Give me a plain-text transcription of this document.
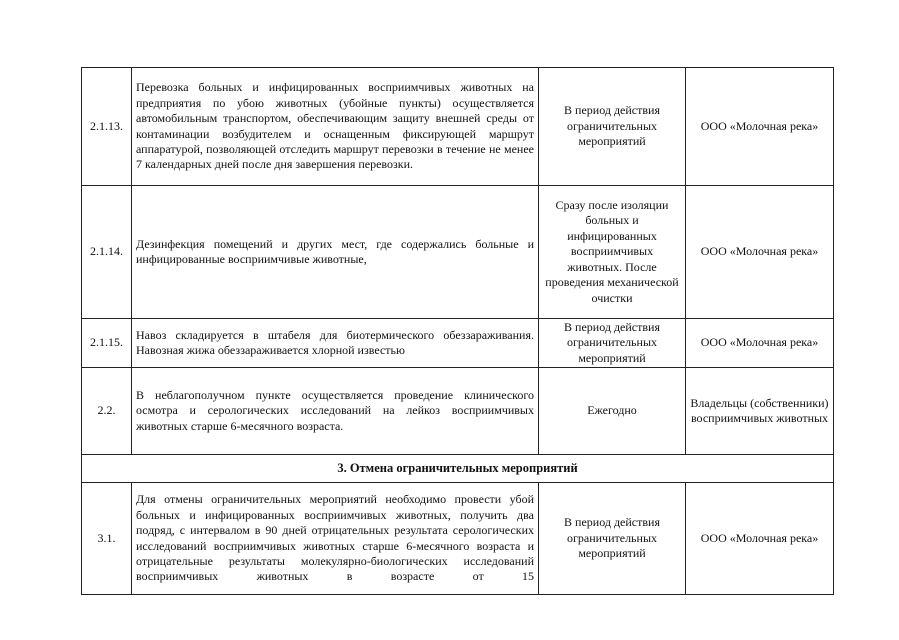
2.1.13.	Перевозка больных и инфицированных восприимчивых животных на предприятия по убою животных (убойные пункты) осуществляется автомобильным транспортом, обеспечивающим защиту внешней среды от контаминации возбудителем и оснащенным фиксирующей маршрут аппаратурой, позволяющей отследить маршрут перевозки в течение не менее 7 календарных дней после дня завершения перевозки.	В период действия ограничительных мероприятий	ООО «Молочная река»
2.1.14.	Дезинфекция помещений и других мест, где содержались больные и инфицированные восприимчивые животные,	Сразу после изоляции больных и инфицированных восприимчивых животных. После проведения механической очистки	ООО «Молочная река»
2.1.15.	Навоз складируется в штабеля для биотермического обеззараживания. Навозная жижа обеззараживается хлорной известью	В период действия ограничительных мероприятий	ООО «Молочная река»
2.2.	В неблагополучном пункте осуществляется проведение клинического осмотра и серологических исследований на лейкоз восприимчивых животных старше 6-месячного возраста.	Ежегодно	Владельцы (собственники) восприимчивых животных
3. Отмена ограничительных мероприятий			
3.1.	Для отмены ограничительных мероприятий необходимо провести убой больных и инфицированных восприимчивых животных, получить два подряд, с интервалом в 90 дней отрицательных результата серологических исследований восприимчивых животных старше 6-месячного возраста и отрицательные результаты молекулярно-биологических исследований восприимчивых животных в возрасте от 15	В период действия ограничительных мероприятий	ООО «Молочная река»
